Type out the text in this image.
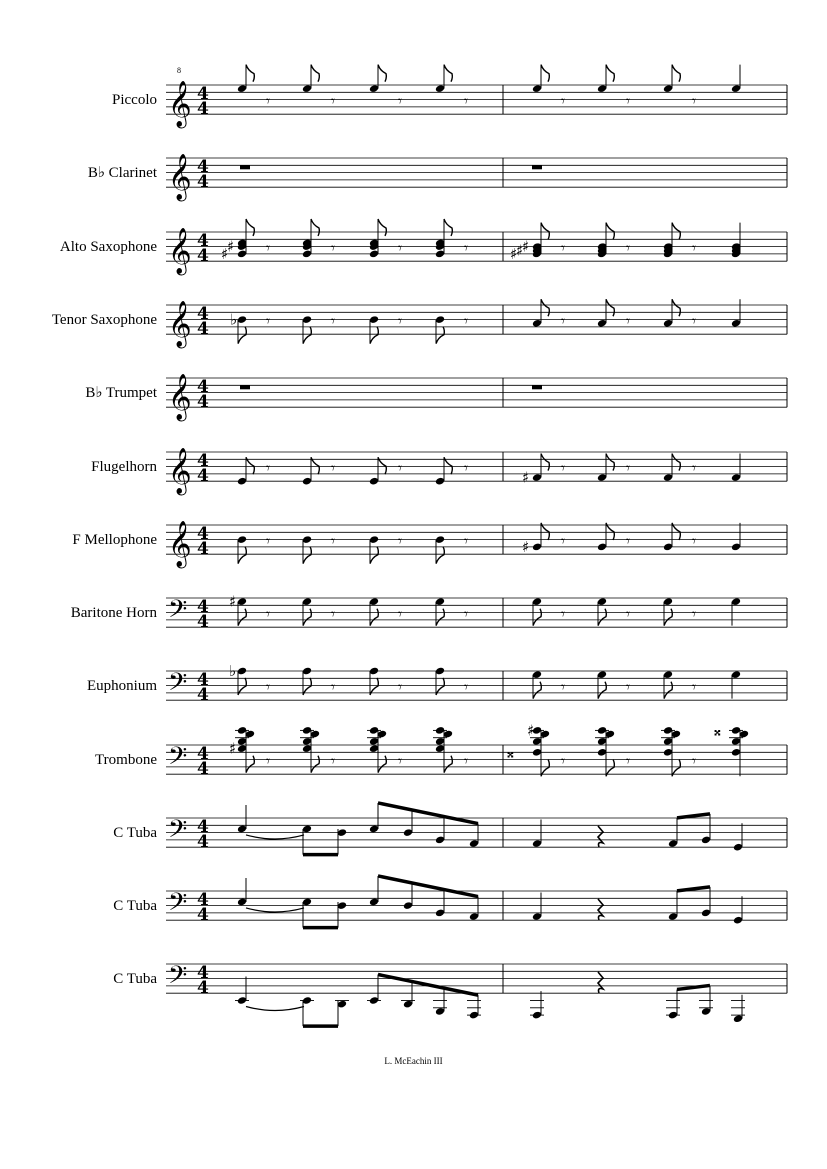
Piccolo
B♭ Clarinet
Alto Saxophone
Tenor Saxophone
B♭ Trumpet
Flugelhorn
F Mellophone
Baritone Horn
Euphonium
Trombone
C Tuba
C Tuba
C Tuba
𝄞 4
4
𝄞 4
4
𝄞 4
4
𝄞 4
4
𝄞 4
4
𝄞 4
4
𝄞 4
4
𝄢 4
4
𝄢 4
4
𝄢 4
4
𝄢 4
4
𝄢 4
4
𝄢 4
4
8
𝄾	𝄾	𝄾	𝄾	𝄾	𝄾	𝄾
𝄾	𝄾	𝄾	𝄾
♯
♯	𝄾	𝄾	𝄾
♯
♯
♯
𝄾	𝄾	𝄾	𝄾
♭	𝄾	𝄾	𝄾
𝄾	𝄾	𝄾	𝄾	𝄾	𝄾	𝄾
♯
𝄾	𝄾	𝄾	𝄾	𝄾	𝄾	𝄾
♯
𝄾	𝄾	𝄾	𝄾
♯
𝄾	𝄾	𝄾
𝄾	𝄾	𝄾	𝄾
♭
𝄾	𝄾	𝄾
𝄾	𝄾	𝄾	𝄾
♯
𝄾	𝄾	𝄾
𝄪
♯	𝄪
L. McEachin III
